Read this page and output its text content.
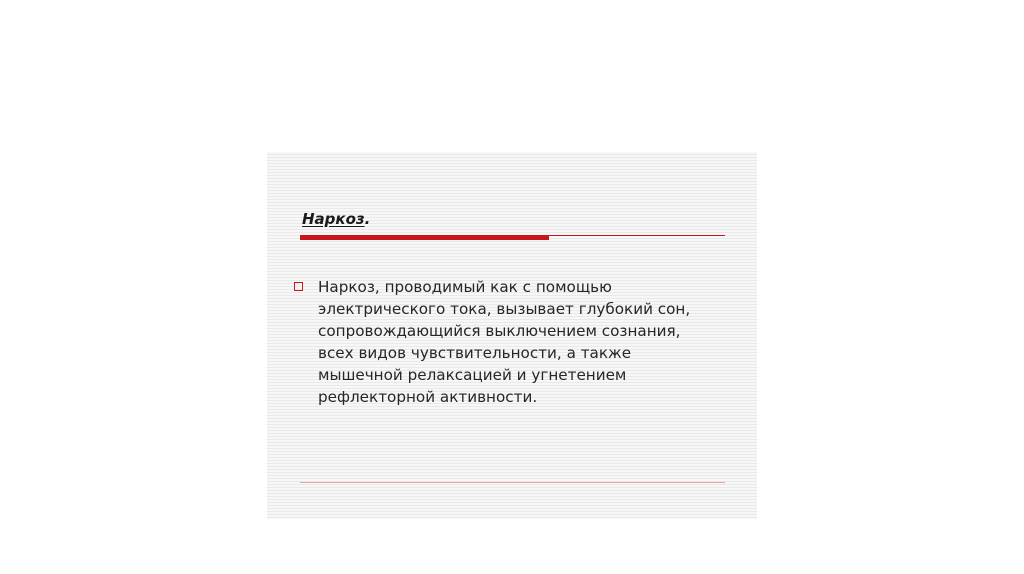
Наркоз.

Наркоз, проводимый как с помощью
электрического тока, вызывает глубокий сон,
сопровождающийся выключением сознания,
всех видов чувствительности, а также
мышечной релаксацией и угнетением
рефлекторной активности.
